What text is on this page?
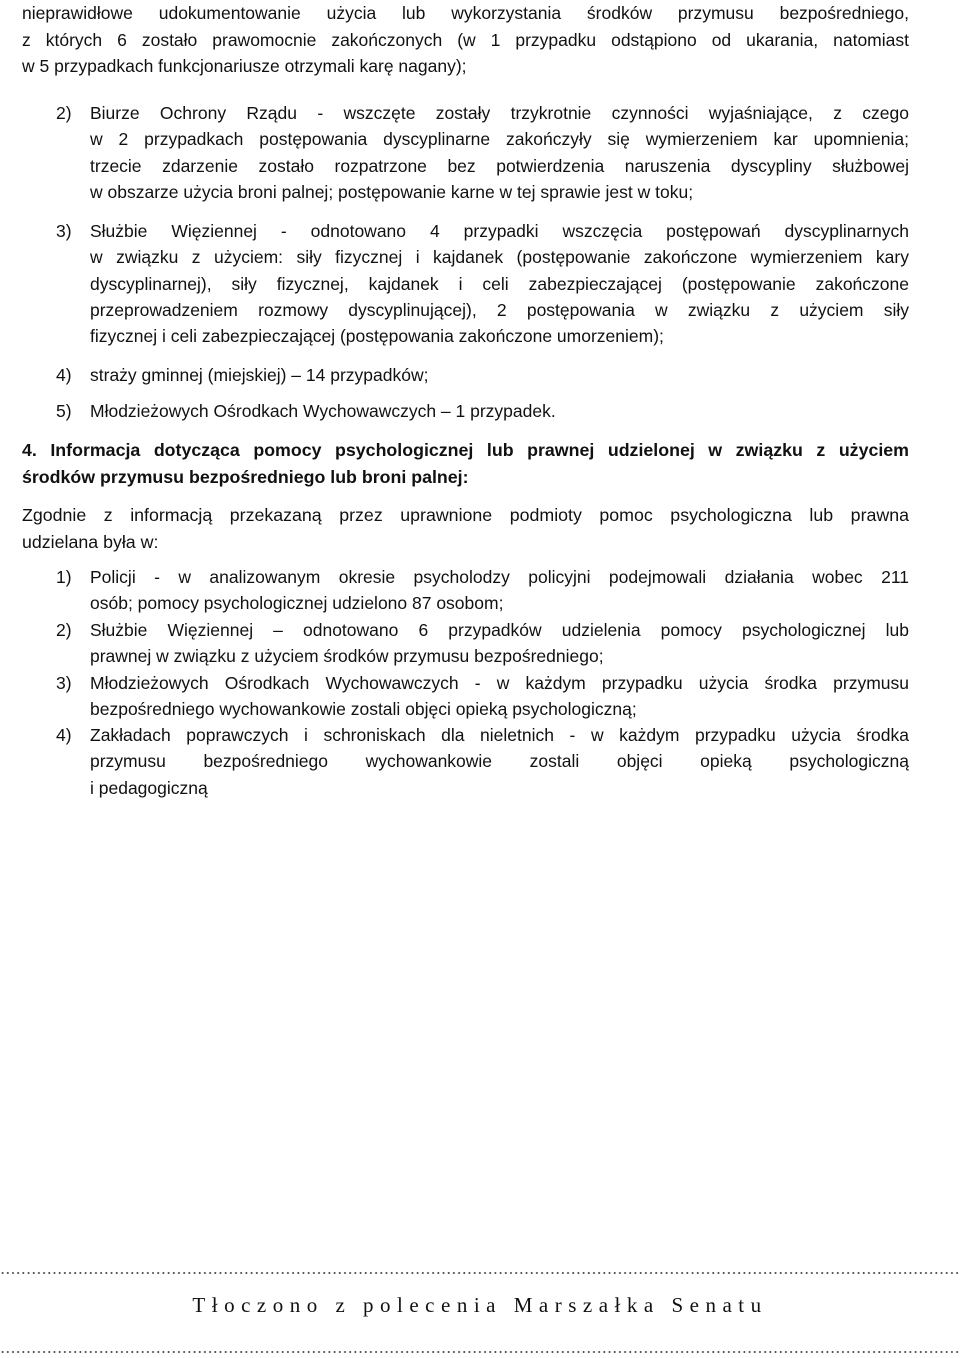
nieprawidłowe udokumentowanie użycia lub wykorzystania środków przymusu bezpośredniego,
z których 6 zostało prawomocnie zakończonych (w 1 przypadku odstąpiono od ukarania, natomiast
w 5 przypadkach funkcjonariusze otrzymali karę nagany);
2)	Biurze Ochrony Rządu - wszczęte zostały trzykrotnie czynności wyjaśniające, z czego
w 2 przypadkach postępowania dyscyplinarne zakończyły się wymierzeniem kar upomnienia;
trzecie zdarzenie zostało rozpatrzone bez potwierdzenia naruszenia dyscypliny służbowej
w obszarze użycia broni palnej; postępowanie karne w tej sprawie jest w toku;
3)	Służbie Więziennej - odnotowano 4 przypadki wszczęcia postępowań dyscyplinarnych
w związku z użyciem: siły fizycznej i kajdanek (postępowanie zakończone wymierzeniem kary
dyscyplinarnej), siły fizycznej, kajdanek i celi zabezpieczającej (postępowanie zakończone
przeprowadzeniem rozmowy dyscyplinującej), 2 postępowania w związku z użyciem siły
fizycznej i celi zabezpieczającej (postępowania zakończone umorzeniem);
4)	straży gminnej (miejskiej) – 14 przypadków;
5)	Młodzieżowych Ośrodkach Wychowawczych – 1 przypadek.
4. Informacja dotycząca pomocy psychologicznej lub prawnej udzielonej w związku z użyciem
środków przymusu bezpośredniego lub broni palnej:
Zgodnie z informacją przekazaną przez uprawnione podmioty pomoc psychologiczna lub prawna
udzielana była w:
1)	Policji - w analizowanym okresie psycholodzy policyjni podejmowali działania wobec 211
osób; pomocy psychologicznej udzielono 87 osobom;
2)	Służbie Więziennej – odnotowano 6 przypadków udzielenia pomocy psychologicznej lub
prawnej w związku z użyciem środków przymusu bezpośredniego;
3)	Młodzieżowych Ośrodkach Wychowawczych - w każdym przypadku użycia środka przymusu
bezpośredniego wychowankowie zostali objęci opieką psychologiczną;
4)	Zakładach poprawczych i schroniskach dla nieletnich - w każdym przypadku użycia środka
przymusu bezpośredniego wychowankowie zostali objęci opieką psychologiczną
i pedagogiczną
Tłoczono z polecenia Marszałka Senatu
